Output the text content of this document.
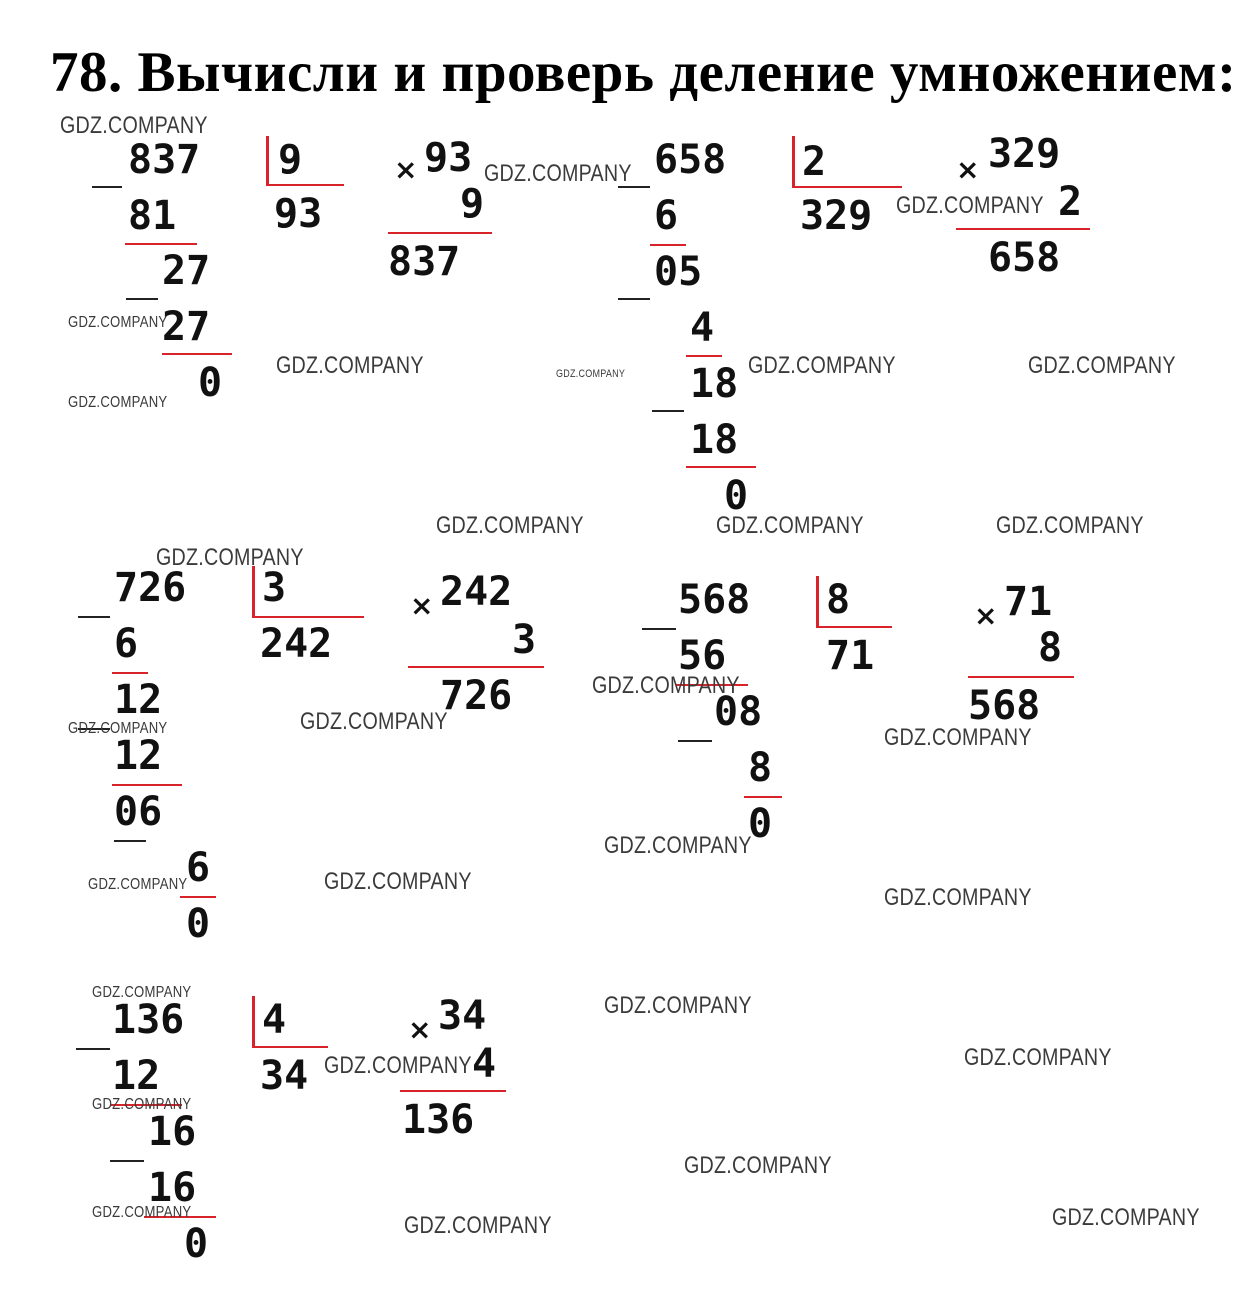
78. Вычисли и проверь деление умножением:
837
81
27
27
0
9
93
× 93
9
837
658
6
05
4
18
18
0
2
329
× 329
2
658
726
6
12
12
06
6
0
3
242
× 242
3
726
568
56
08
8
0
8
71
× 71
8
568
136
12
16
16
0
4
34
× 34
4
136
GDZ.COMPANY
GDZ.COMPANY
GDZ.COMPANY
GDZ.COMPANY
GDZ.COMPANY	GDZ.COMPANY	GDZ.COMPANY	GDZ.COMPANY
GDZ.COMPANY
GDZ.COMPANY	GDZ.COMPANY	GDZ.COMPANY
GDZ.COMPANY
GDZ.COMPANY
GDZ.COMPANY
GDZ.COMPANY	GDZ.COMPANY
GDZ.COMPANY
GDZ.COMPANY
GDZ.COMPANY	GDZ.COMPANY
GDZ.COMPANY	GDZ.COMPANY
GDZ.COMPANY
GDZ.COMPANY
GDZ.COMPANY
GDZ.COMPANY
GDZ.COMPANY	GDZ.COMPANY
GDZ.COMPANY
